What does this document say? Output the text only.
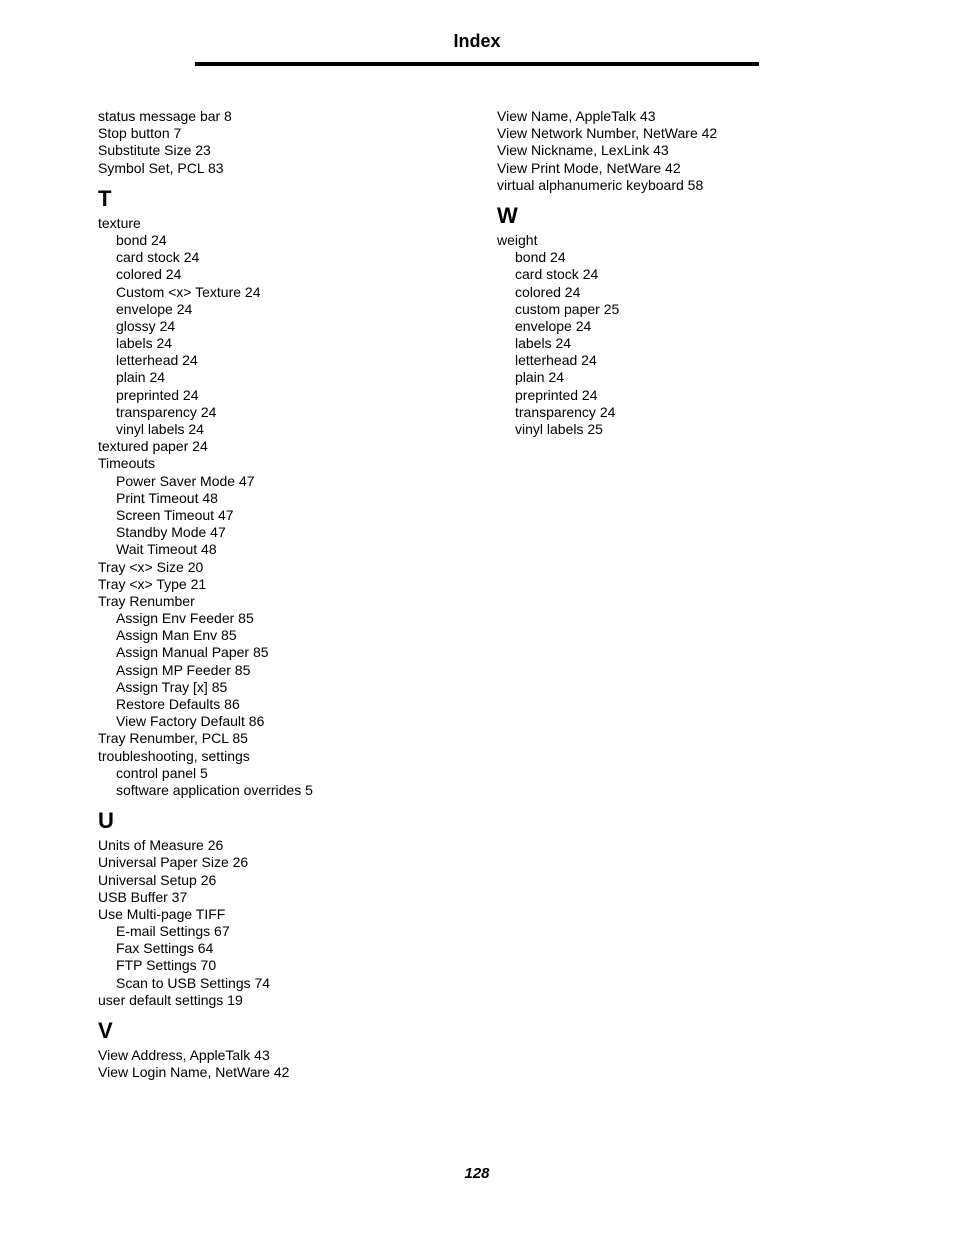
Index
status message bar 8
Stop button 7
Substitute Size 23
Symbol Set, PCL 83
T
texture
bond 24
card stock 24
colored 24
Custom <x> Texture 24
envelope 24
glossy 24
labels 24
letterhead 24
plain 24
preprinted 24
transparency 24
vinyl labels 24
textured paper 24
Timeouts
Power Saver Mode 47
Print Timeout 48
Screen Timeout 47
Standby Mode 47
Wait Timeout 48
Tray <x> Size 20
Tray <x> Type 21
Tray Renumber
Assign Env Feeder 85
Assign Man Env 85
Assign Manual Paper 85
Assign MP Feeder 85
Assign Tray [x] 85
Restore Defaults 86
View Factory Default 86
Tray Renumber, PCL 85
troubleshooting, settings
control panel 5
software application overrides 5
U
Units of Measure 26
Universal Paper Size 26
Universal Setup 26
USB Buffer 37
Use Multi-page TIFF
E-mail Settings 67
Fax Settings 64
FTP Settings 70
Scan to USB Settings 74
user default settings 19
V
View Address, AppleTalk 43
View Login Name, NetWare 42
View Name, AppleTalk 43
View Network Number, NetWare 42
View Nickname, LexLink 43
View Print Mode, NetWare 42
virtual alphanumeric keyboard 58
W
weight
bond 24
card stock 24
colored 24
custom paper 25
envelope 24
labels 24
letterhead 24
plain 24
preprinted 24
transparency 24
vinyl labels 25
128
